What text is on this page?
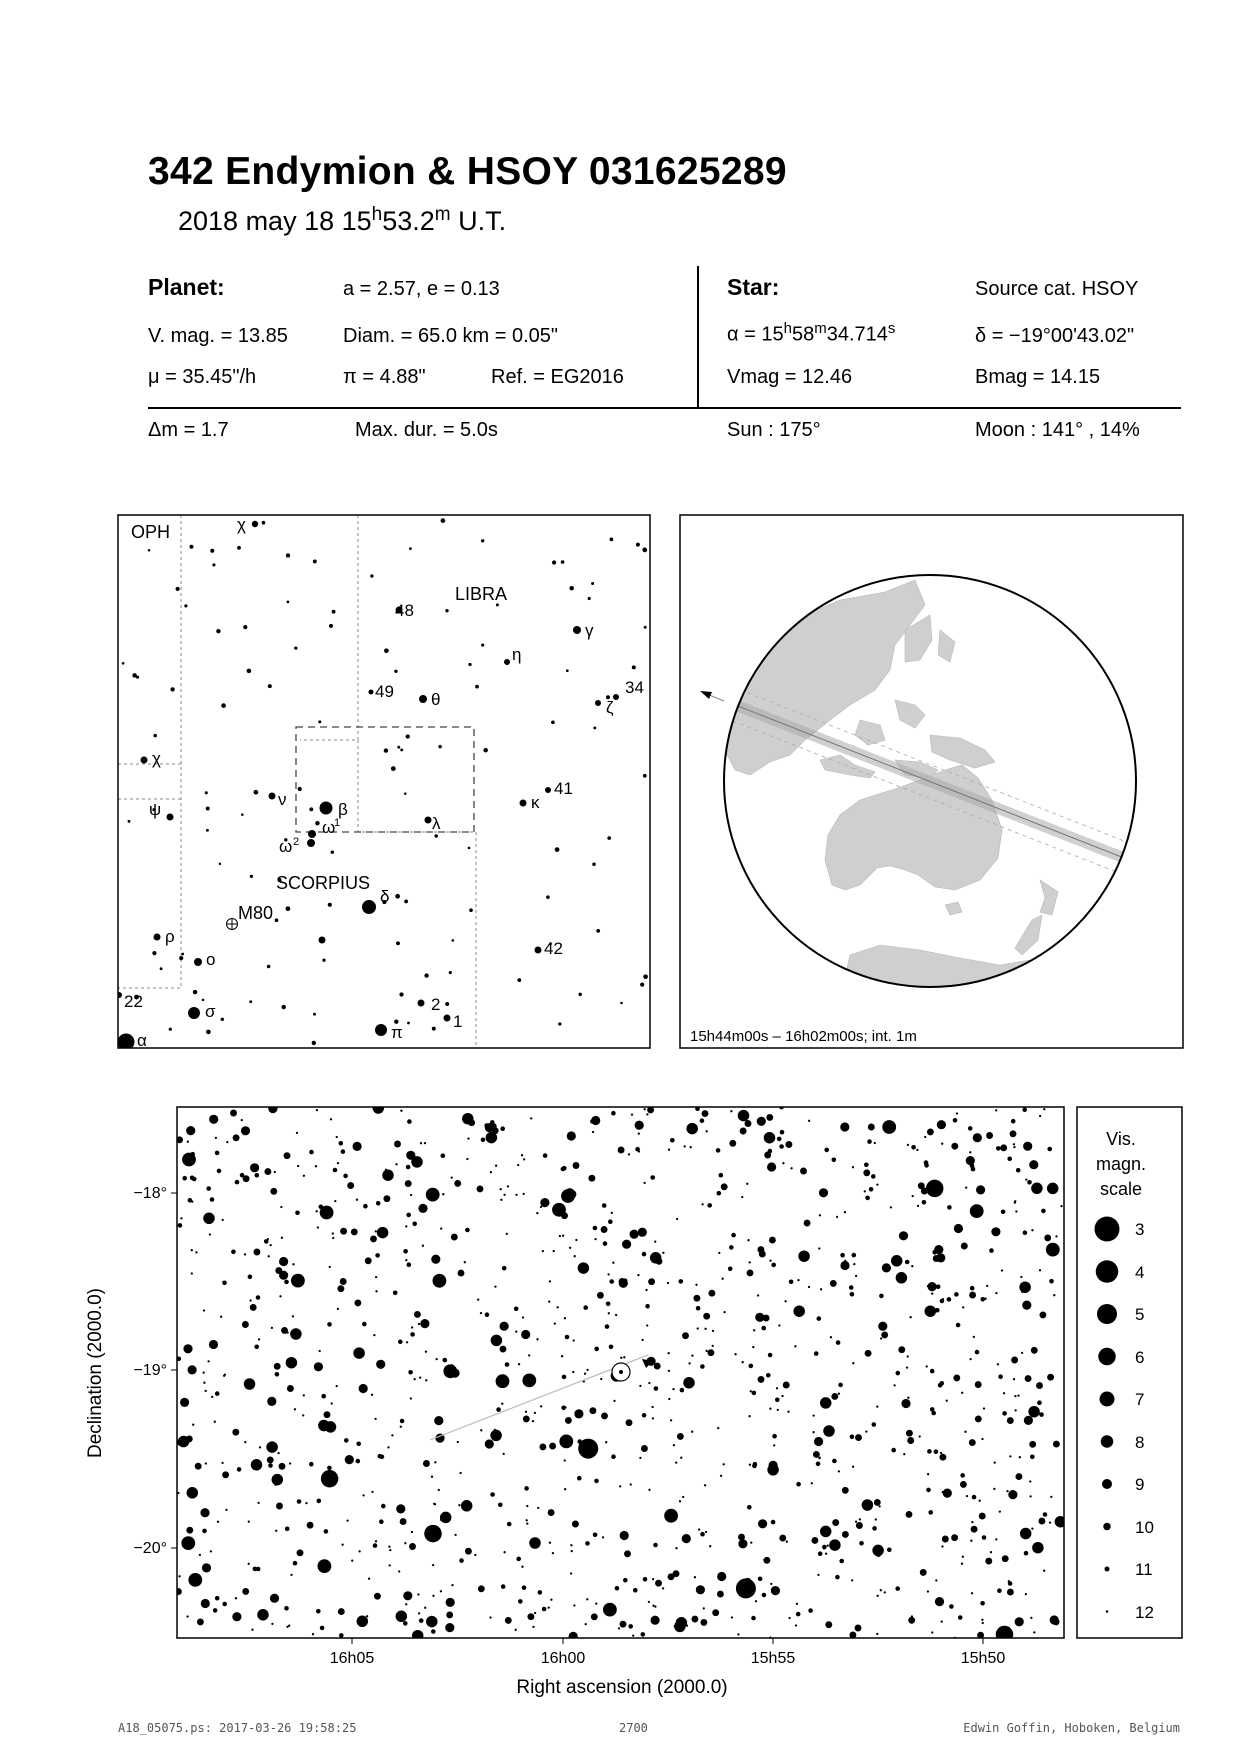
342 Endymion & HSOY 031625289
2018 may 18 15$^h$53.2$^m$ U.T.
Planet:	a = 2.57, e = 0.13
V. mag. = 13.85	Diam. = 65.0 km = 0.05"
μ = 35.45"/h	π = 4.88"	Ref. = EG2016
Star:	Source cat. HSOY
$\alpha = 15^h58^m34.714^s$	δ = −19°00'43.02"
Vmag = 12.46	Bmag = 14.15
Δm = 1.7	Max. dur. = 5.0s	Sun : 175°	Moon : 141° , 14%
OPH
LIBRA
SCORPIUS
M80
χ
48
γ
η
49 θ	ζ
34
χ
ν
β
ω
1
ω 2
λ
κ
41
ψ
δ
ρ
ο
42
22
σ	2
1
α	π	15h44m00s – 16h02m00s; int. 1m
16h05	16h00	15h55	15h50
−18°
−19°
−20°
Right ascension (2000.0)
Declination (2000.0)
Vis.
magn.
scale
3
4
5
6
7
8
9
10
11
12
A18_05075.ps: 2017-03-26 19:58:25	2700	Edwin Goffin, Hoboken, Belgium
